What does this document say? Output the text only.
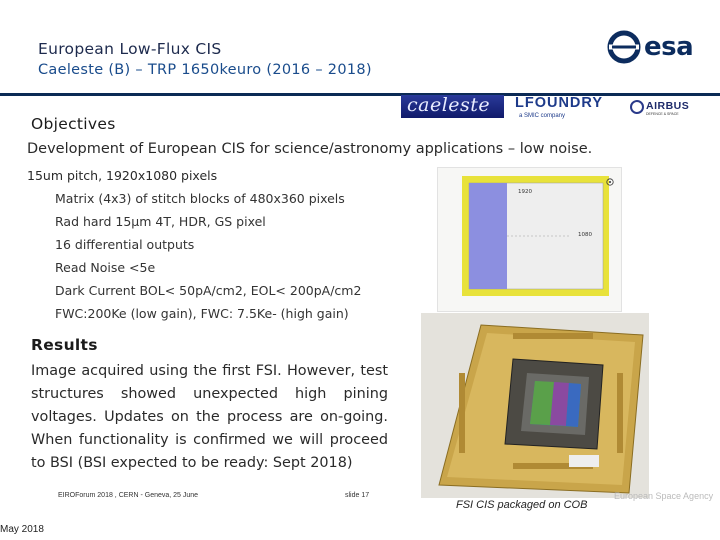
European Low-Flux CIS
Caeleste (B) – TRP 1650keuro (2016 – 2018)
esa
caeleste LFOUNDRY
a SMIC company
AIRBUS
DEFENCE & SPACE
Objectives
Development of European CIS for science/astronomy applications – low noise.
15um pitch, 1920x1080 pixels
Matrix (4x3) of stitch blocks of 480x360 pixels
Rad hard 15µm 4T, HDR, GS pixel
16 differential outputs
Read Noise <5e
Dark Current BOL< 50pA/cm2, EOL< 200pA/cm2
FWC:200Ke (low gain), FWC: 7.5Ke- (high gain)
1920
1080
Results
Image acquired using the first FSI. However, test structures showed unexpected high pining voltages. Updates on the process are on-going. When functionality is confirmed we will proceed to BSI (BSI expected to be ready: Sept 2018)
FSI CIS packaged on COB
EIROForum 2018 , CERN - Geneva, 25 June	slide 17	European Space Agency
May 2018
